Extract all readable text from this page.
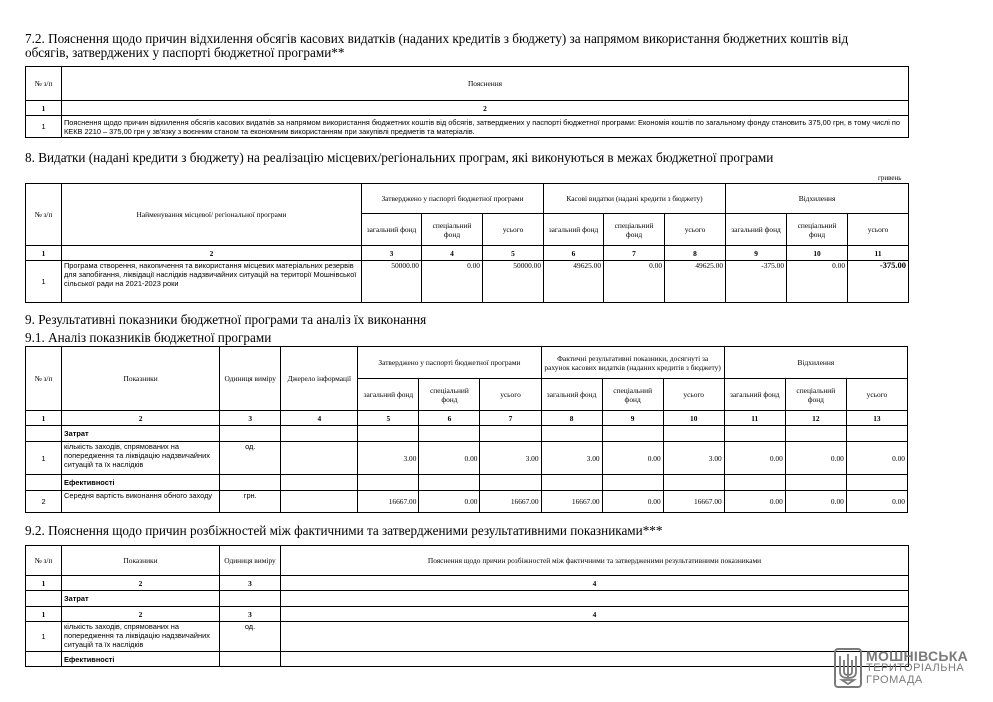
7.2. Пояснення щодо причин відхилення обсягів касових видатків (наданих кредитів з бюджету) за напрямом використання бюджетних коштів від
обсягів, затверджених у паспорті бюджетної програми**
№ з/п	Пояснення
1	2
1	Пояснення щодо причин відхилення обсягів касових видатків за напрямом використання бюджетних коштів від обсягів, затверджених у паспорті бюджетної програми: Економія коштів по загальному фонду становить 375,00 грн, в тому числі по КЕКВ 2210 – 375,00 грн у зв'язку з воєнним станом та економним використанням при закупівлі предметів та матеріалів.
8. Видатки (надані кредити з бюджету) на реалізацію місцевих/регіональних програм, які виконуються в межах бюджетної програми
гривень
№ з/п	Найменування місцевої/ регіональної програми	Затверджено у паспорті бюджетної програми			Касові видатки (надані кредити з бюджету)			Відхилення		
		загальний фонд	спеціальний фонд	усього	загальний фонд	спеціальний фонд	усього	загальний фонд	спеціальний фонд	усього
1	2	3	4	5	6	7	8	9	10	11
1	Програма створення, накопичення та використання місцевих матеріальних резервів для запобігання, ліквідації наслідків надзвичайних ситуацій на території Мошнівської сільської ради на 2021-2023 роки	50000.00	0.00	50000.00	49625.00	0.00	49625.00	-375.00	0.00	-375.00
9. Результативні показники бюджетної програми та аналіз їх виконання
9.1. Аналіз показників бюджетної програми
№ з/п	Показники	Одиниця виміру	Джерело інформації	Затверджено у паспорті бюджетної програми			Фактичні результативні показники, досягнуті за рахунок касових видатків (наданих кредитів з бюджету)			Відхилення		
				загальний фонд	спеціальний фонд	усього	загальний фонд	спеціальний фонд	усього	загальний фонд	спеціальний фонд	усього
1	2	3	4	5	6	7	8	9	10	11	12	13
	Затрат											
1	кількість заходів, спрямованих на попередження та ліквідацію надзвичайних ситуацій та їх наслідків	од.		3.00	0.00	3.00	3.00	0.00	3.00	0.00	0.00	0.00
	Ефективності											
2	Середня вартість виконання обного заходу	грн.		16667.00	0.00	16667.00	16667.00	0.00	16667.00	0.00	0.00	0.00
9.2. Пояснення щодо причин розбіжностей між фактичними та затвердженими результативними показниками***
№ з/п	Показники	Одиниця виміру	Пояснення щодо причин розбіжностей між фактичними та затвердженими результативними показниками
1	2	3	4
	Затрат		
1	2	3	4
1	кількість заходів, спрямованих на попередження та ліквідацію надзвичайних ситуацій та їх наслідків	од.	
	Ефективності			МОШНІВСЬКА
ТЕРИТОРІАЛЬНА
ГРОМАДА
